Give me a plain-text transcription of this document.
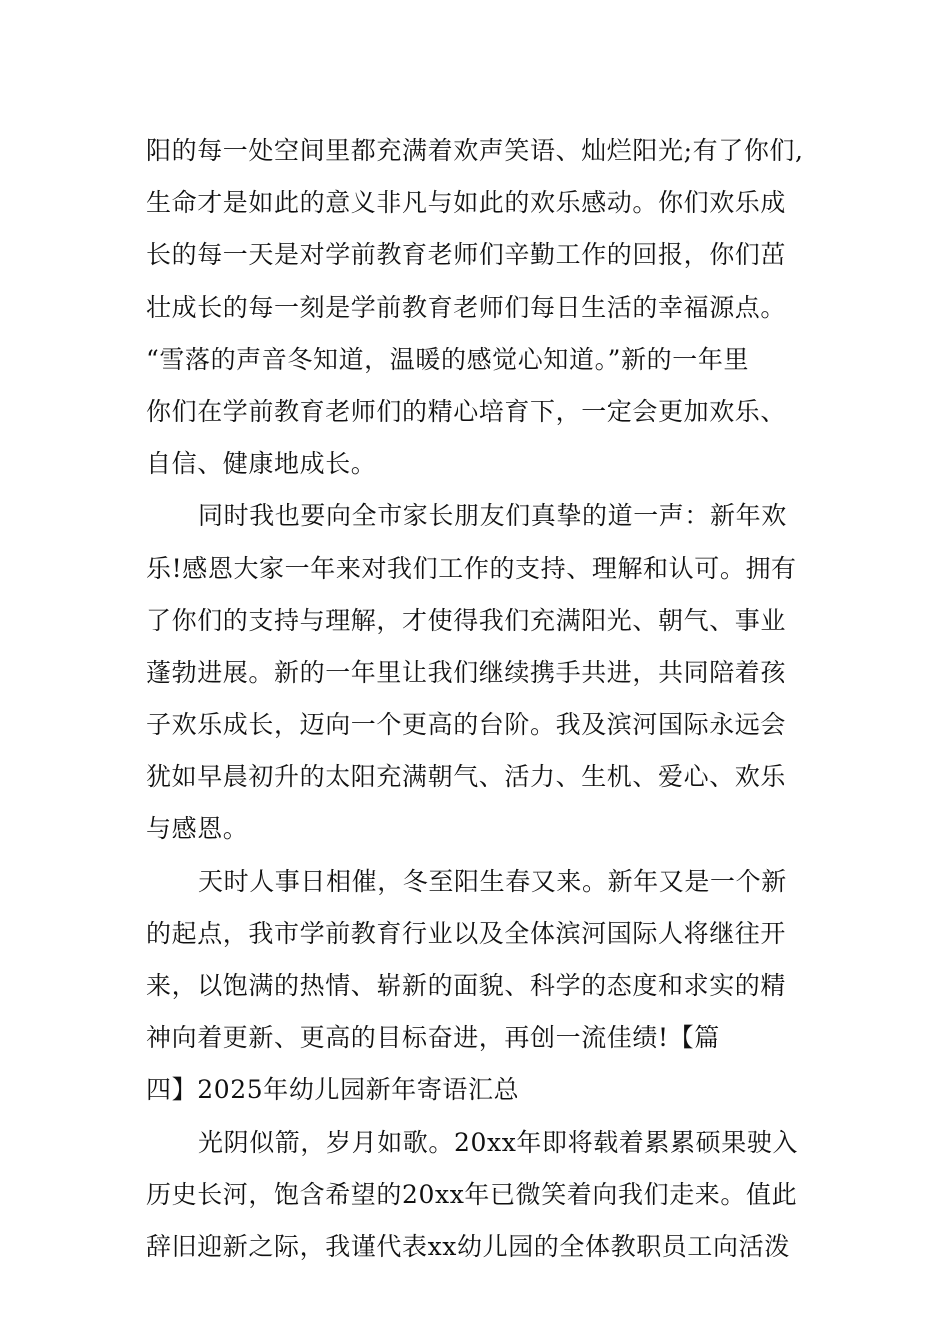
阳的每一处空间里都充满着欢声笑语、灿烂阳光;有了你们,
生命才是如此的意义非凡与如此的欢乐感动。你们欢乐成
长的每一天是对学前教育老师们辛勤工作的回报，你们茁
壮成长的每一刻是学前教育老师们每日生活的幸福源点。
“雪落的声音冬知道，温暖的感觉心知道。”新的一年里
你们在学前教育老师们的精心培育下，一定会更加欢乐、
自信、健康地成长。
同时我也要向全市家长朋友们真挚的道一声：新年欢
乐!感恩大家一年来对我们工作的支持、理解和认可。拥有
了你们的支持与理解，才使得我们充满阳光、朝气、事业
蓬勃进展。新的一年里让我们继续携手共进，共同陪着孩
子欢乐成长，迈向一个更高的台阶。我及滨河国际永远会
犹如早晨初升的太阳充满朝气、活力、生机、爱心、欢乐
与感恩。
天时人事日相催，冬至阳生春又来。新年又是一个新
的起点，我市学前教育行业以及全体滨河国际人将继往开
来，以饱满的热情、崭新的面貌、科学的态度和求实的精
神向着更新、更高的目标奋进，再创一流佳绩!【篇
四】2025年幼儿园新年寄语汇总
光阴似箭，岁月如歌。20xx年即将载着累累硕果驶入
历史长河，饱含希望的20xx年已微笑着向我们走来。值此
辞旧迎新之际，我谨代表xx幼儿园的全体教职员工向活泼
